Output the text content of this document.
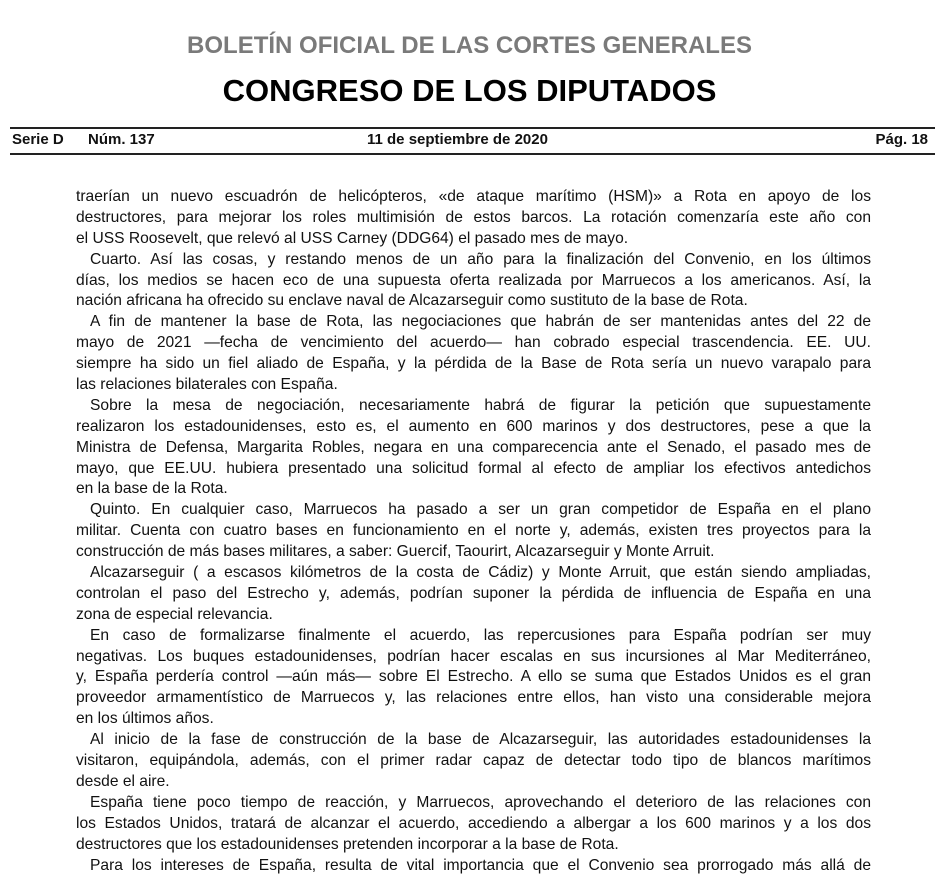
BOLETÍN OFICIAL DE LAS CORTES GENERALES
CONGRESO DE LOS DIPUTADOS
Serie D Núm. 137	11 de septiembre de 2020	Pág. 18
traerían un nuevo escuadrón de helicópteros, «de ataque marítimo (HSM)» a Rota en apoyo de los
destructores, para mejorar los roles multimisión de estos barcos. La rotación comenzaría este año con
el USS Roosevelt, que relevó al USS Carney (DDG64) el pasado mes de mayo.
Cuarto. Así las cosas, y restando menos de un año para la finalización del Convenio, en los últimos
días, los medios se hacen eco de una supuesta oferta realizada por Marruecos a los americanos. Así, la
nación africana ha ofrecido su enclave naval de Alcazarseguir como sustituto de la base de Rota.
A fin de mantener la base de Rota, las negociaciones que habrán de ser mantenidas antes del 22 de
mayo de 2021 —fecha de vencimiento del acuerdo— han cobrado especial trascendencia. EE. UU.
siempre ha sido un fiel aliado de España, y la pérdida de la Base de Rota sería un nuevo varapalo para
las relaciones bilaterales con España.
Sobre la mesa de negociación, necesariamente habrá de figurar la petición que supuestamente
realizaron los estadounidenses, esto es, el aumento en 600 marinos y dos destructores, pese a que la
Ministra de Defensa, Margarita Robles, negara en una comparecencia ante el Senado, el pasado mes de
mayo, que EE.UU. hubiera presentado una solicitud formal al efecto de ampliar los efectivos antedichos
en la base de la Rota.
Quinto. En cualquier caso, Marruecos ha pasado a ser un gran competidor de España en el plano
militar. Cuenta con cuatro bases en funcionamiento en el norte y, además, existen tres proyectos para la
construcción de más bases militares, a saber: Guercif, Taourirt, Alcazarseguir y Monte Arruit.
Alcazarseguir ( a escasos kilómetros de la costa de Cádiz) y Monte Arruit, que están siendo ampliadas,
controlan el paso del Estrecho y, además, podrían suponer la pérdida de influencia de España en una
zona de especial relevancia.
En caso de formalizarse finalmente el acuerdo, las repercusiones para España podrían ser muy
negativas. Los buques estadounidenses, podrían hacer escalas en sus incursiones al Mar Mediterráneo,
y, España perdería control —aún más— sobre El Estrecho. A ello se suma que Estados Unidos es el gran
proveedor armamentístico de Marruecos y, las relaciones entre ellos, han visto una considerable mejora
en los últimos años.
Al inicio de la fase de construcción de la base de Alcazarseguir, las autoridades estadounidenses la
visitaron, equipándola, además, con el primer radar capaz de detectar todo tipo de blancos marítimos
desde el aire.
España tiene poco tiempo de reacción, y Marruecos, aprovechando el deterioro de las relaciones con
los Estados Unidos, tratará de alcanzar el acuerdo, accediendo a albergar a los 600 marinos y a los dos
destructores que los estadounidenses pretenden incorporar a la base de Rota.
Para los intereses de España, resulta de vital importancia que el Convenio sea prorrogado más allá de
